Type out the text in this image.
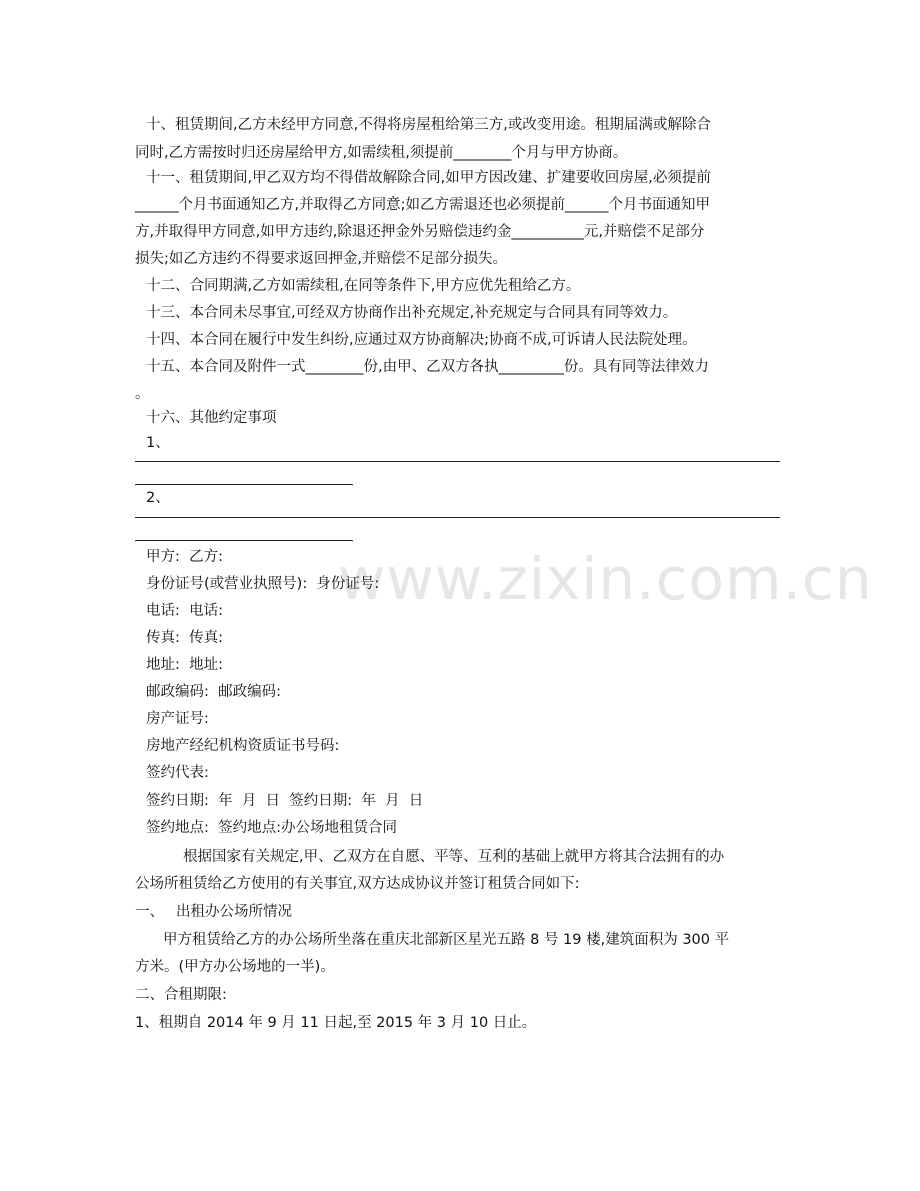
www.zixin.com.cn
十、租赁期间,乙方未经甲方同意,不得将房屋租给第三方,或改变用途。租期届满或解除合
同时,乙方需按时归还房屋给甲方,如需续租,须提前________个月与甲方协商。
十一、租赁期间,甲乙双方均不得借故解除合同,如甲方因改建、扩建要收回房屋,必须提前
______个月书面通知乙方,并取得乙方同意;如乙方需退还也必须提前______个月书面通知甲
方,并取得甲方同意,如甲方违约,除退还押金外另赔偿违约金__________元,并赔偿不足部分
损失;如乙方违约不得要求返回押金,并赔偿不足部分损失。
十二、合同期满,乙方如需续租,在同等条件下,甲方应优先租给乙方。
十三、本合同未尽事宜,可经双方协商作出补充规定,补充规定与合同具有同等效力。
十四、本合同在履行中发生纠纷,应通过双方协商解决;协商不成,可诉请人民法院处理。
十五、本合同及附件一式________份,由甲、乙双方各执_________份。具有同等法律效力
。
十六、其他约定事项
1、
2、
甲方:  乙方:
身份证号(或营业执照号):  身份证号:
电话:  电话:
传真:  传真:
地址:  地址:
邮政编码:  邮政编码:
房产证号:
房地产经纪机构资质证书号码:
签约代表:
签约日期:  年  月  日  签约日期:  年  月  日
签约地点:  签约地点:办公场地租赁合同
根据国家有关规定,甲、乙双方在自愿、平等、互利的基础上就甲方将其合法拥有的办
公场所租赁给乙方使用的有关事宜,双方达成协议并签订租赁合同如下:
一、 出租办公场所情况
甲方租赁给乙方的办公场所坐落在重庆北部新区星光五路 8 号 19 楼,建筑面积为 300 平
方米。(甲方办公场地的一半)。
二、合租期限:
1、租期自 2014 年 9 月 11 日起,至 2015 年 3 月 10 日止。
